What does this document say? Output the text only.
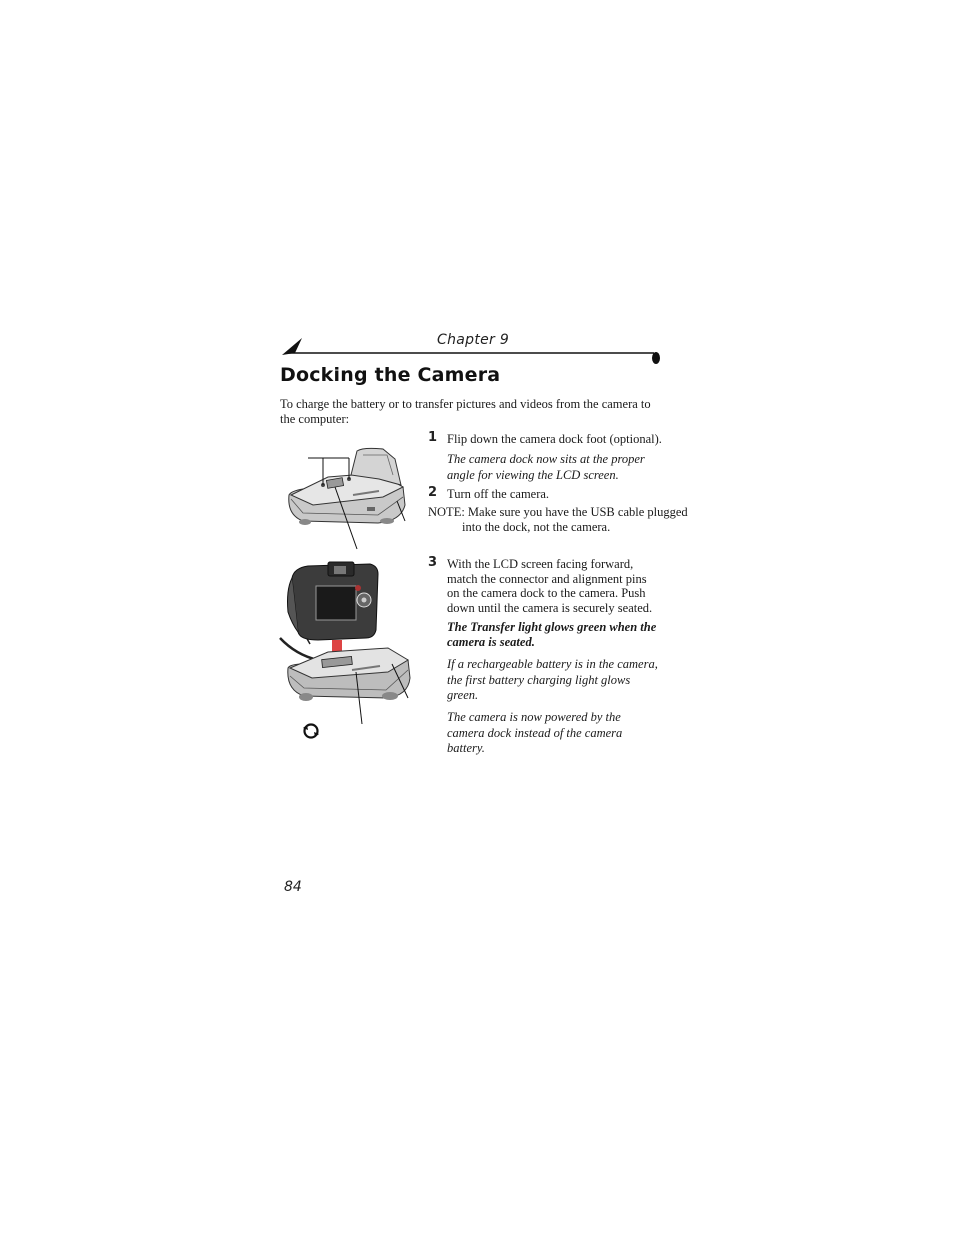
Chapter 9
Docking the Camera
To charge the battery or to transfer pictures and videos from the camera to the computer:
1 Flip down the camera dock foot (optional).
The camera dock now sits at the proper angle for viewing the LCD screen.
2 Turn off the camera.
NOTE: Make sure you have the USB cable plugged into the dock, not the camera.
3 With the LCD screen facing forward, match the connector and alignment pins on the camera dock to the camera. Push down until the camera is securely seated.
The Transfer light glows green when the camera is seated.
If a rechargeable battery is in the camera, the first battery charging light glows green.
The camera is now powered by the camera dock instead of the camera battery.
84
